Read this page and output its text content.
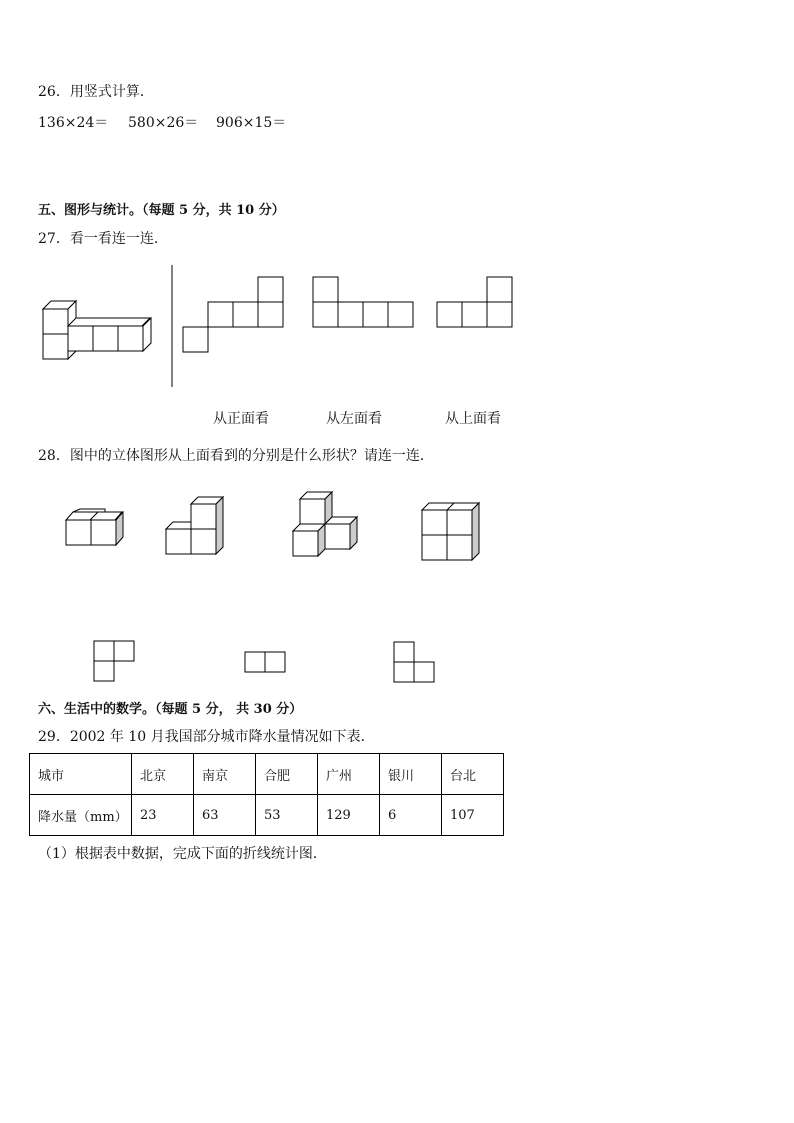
26．用竖式计算．
136×24＝ 580×26＝ 906×15＝
五、图形与统计。（每题 5 分，共 10 分）
27．看一看连一连．
从正面看	从左面看	从上面看
28．图中的立体图形从上面看到的分别是什么形状？请连一连．
六、生活中的数学。（每题 5 分， 共 30 分）
29．2002 年 10 月我国部分城市降水量情况如下表．
城市	北京	南京	合肥	广州	银川	台北
降水量（mm）	23	63	53	129	6	107
（1）根据表中数据，完成下面的折线统计图．
